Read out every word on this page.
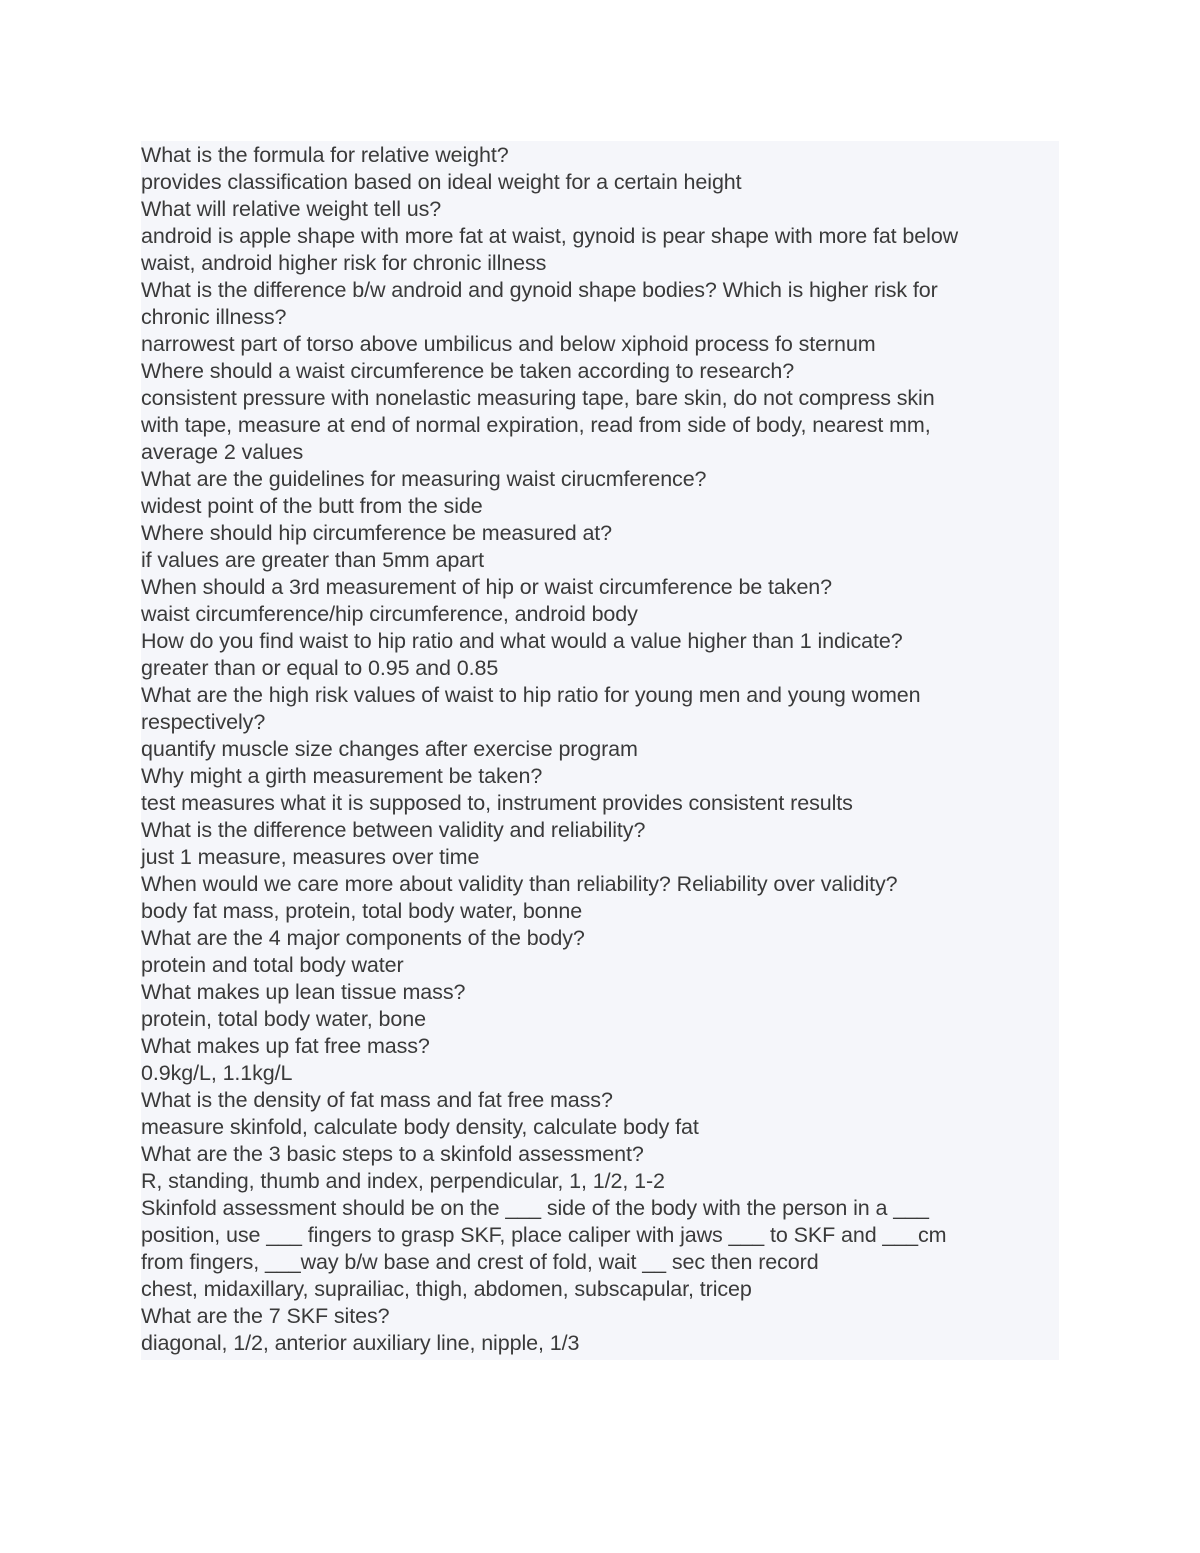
What is the formula for relative weight?
provides classification based on ideal weight for a certain height
What will relative weight tell us?
android is apple shape with more fat at waist, gynoid is pear shape with more fat below
waist, android higher risk for chronic illness
What is the difference b/w android and gynoid shape bodies? Which is higher risk for
chronic illness?
narrowest part of torso above umbilicus and below xiphoid process fo sternum
Where should a waist circumference be taken according to research?
consistent pressure with nonelastic measuring tape, bare skin, do not compress skin
with tape, measure at end of normal expiration, read from side of body, nearest mm,
average 2 values
What are the guidelines for measuring waist cirucmference?
widest point of the butt from the side
Where should hip circumference be measured at?
if values are greater than 5mm apart
When should a 3rd measurement of hip or waist circumference be taken?
waist circumference/hip circumference, android body
How do you find waist to hip ratio and what would a value higher than 1 indicate?
greater than or equal to 0.95 and 0.85
What are the high risk values of waist to hip ratio for young men and young women
respectively?
quantify muscle size changes after exercise program
Why might a girth measurement be taken?
test measures what it is supposed to, instrument provides consistent results
What is the difference between validity and reliability?
just 1 measure, measures over time
When would we care more about validity than reliability? Reliability over validity?
body fat mass, protein, total body water, bonne
What are the 4 major components of the body?
protein and total body water
What makes up lean tissue mass?
protein, total body water, bone
What makes up fat free mass?
0.9kg/L, 1.1kg/L
What is the density of fat mass and fat free mass?
measure skinfold, calculate body density, calculate body fat
What are the 3 basic steps to a skinfold assessment?
R, standing, thumb and index, perpendicular, 1, 1/2, 1-2
Skinfold assessment should be on the ___ side of the body with the person in a ___
position, use ___ fingers to grasp SKF, place caliper with jaws ___ to SKF and ___cm
from fingers, ___way b/w base and crest of fold, wait __ sec then record
chest, midaxillary, suprailiac, thigh, abdomen, subscapular, tricep
What are the 7 SKF sites?
diagonal, 1/2, anterior auxiliary line, nipple, 1/3
